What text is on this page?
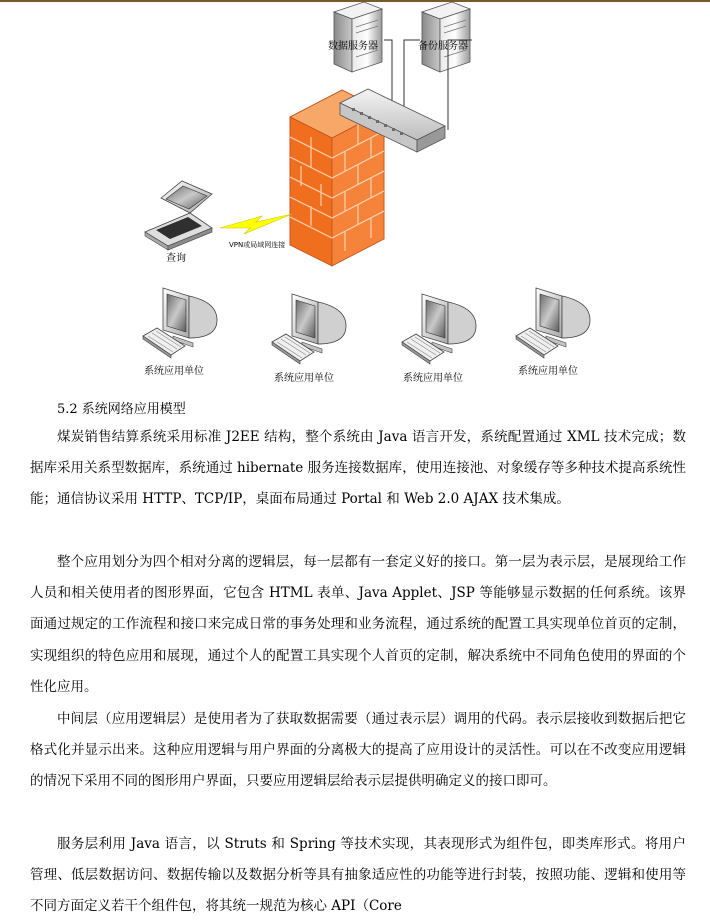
数据服务器	备份服务器
查询
VPN或局域网连接
系统应用单位
系统应用单位	系统应用单位
系统应用单位
5.2 系统网络应用模型

煤炭销售结算系统采用标准 J2EE 结构，整个系统由 Java 语言开发，系统配置通过 XML 技术完成；数据库采用关系型数据库，系统通过 hibernate 服务连接数据库，使用连接池、对象缓存等多种技术提高系统性能；通信协议采用 HTTP、TCP/IP，桌面布局通过 Portal 和 Web 2.0 AJAX 技术集成。

整个应用划分为四个相对分离的逻辑层，每一层都有一套定义好的接口。第一层为表示层，是展现给工作人员和相关使用者的图形界面，它包含 HTML 表单、Java Applet、JSP 等能够显示数据的任何系统。该界面通过规定的工作流程和接口来完成日常的事务处理和业务流程，通过系统的配置工具实现单位首页的定制，实现组织的特色应用和展现，通过个人的配置工具实现个人首页的定制，解决系统中不同角色使用的界面的个性化应用。

中间层（应用逻辑层）是使用者为了获取数据需要（通过表示层）调用的代码。表示层接收到数据后把它格式化并显示出来。这种应用逻辑与用户界面的分离极大的提高了应用设计的灵活性。可以在不改变应用逻辑的情况下采用不同的图形用户界面，只要应用逻辑层给表示层提供明确定义的接口即可。

服务层利用 Java 语言，以 Struts 和 Spring 等技术实现，其表现形式为组件包，即类库形式。将用户管理、低层数据访问、数据传输以及数据分析等具有抽象适应性的功能等进行封装，按照功能、逻辑和使用等不同方面定义若干个组件包，将其统一规范为核心 API（Core
